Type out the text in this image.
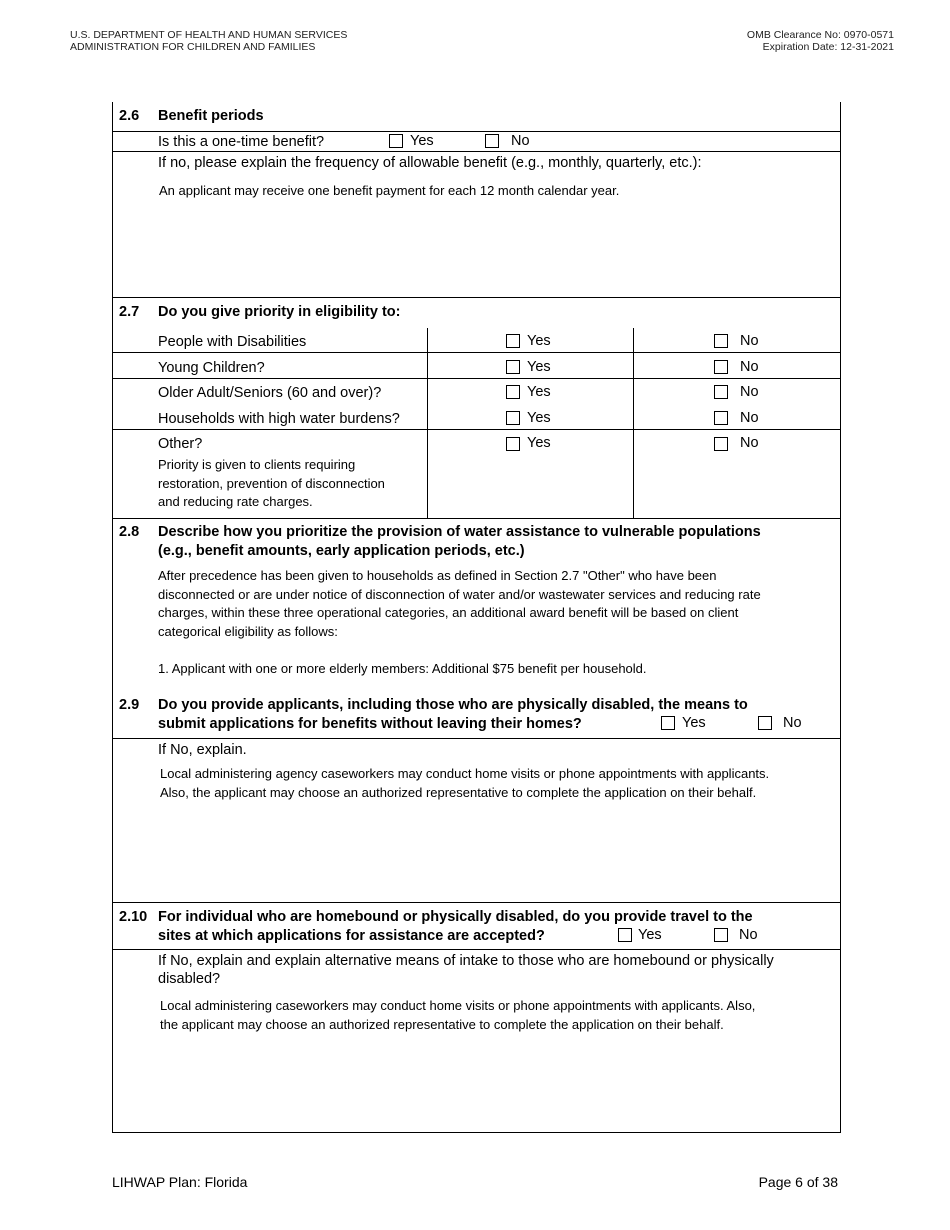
U.S. DEPARTMENT OF HEALTH AND HUMAN SERVICES
ADMINISTRATION FOR CHILDREN AND FAMILIES
OMB Clearance No: 0970-0571
Expiration Date: 12-31-2021
2.6 Benefit periods
Is this a one-time benefit?	Yes	No
If no, please explain the frequency of allowable benefit (e.g., monthly, quarterly, etc.):
An applicant may receive one benefit payment for each 12 month calendar year.
2.7 Do you give priority in eligibility to:
People with Disabilities	Yes	No
Young Children?	Yes	No
Older Adult/Seniors (60 and over)?	Yes	No
Households with high water burdens?	Yes	No
Other?	Yes	No
Priority is given to clients requiring
restoration, prevention of disconnection
and reducing rate charges.
2.8 Describe how you prioritize the provision of water assistance to vulnerable populations
(e.g., benefit amounts, early application periods, etc.)
After precedence has been given to households as defined in Section 2.7 "Other" who have been
disconnected or are under notice of disconnection of water and/or wastewater services and reducing rate
charges, within these three operational categories, an additional award benefit will be based on client
categorical eligibility as follows:
1. Applicant with one or more elderly members: Additional $75 benefit per household.
2.9 Do you provide applicants, including those who are physically disabled, the means to
submit applications for benefits without leaving their homes?	Yes	No
If No, explain.
Local administering agency caseworkers may conduct home visits or phone appointments with applicants.
Also, the applicant may choose an authorized representative to complete the application on their behalf.
2.10 For individual who are homebound or physically disabled, do you provide travel to the
sites at which applications for assistance are accepted?	Yes	No
If No, explain and explain alternative means of intake to those who are homebound or physically
disabled?
Local administering caseworkers may conduct home visits or phone appointments with applicants. Also,
the applicant may choose an authorized representative to complete the application on their behalf.
LIHWAP Plan: Florida	Page 6 of 38
